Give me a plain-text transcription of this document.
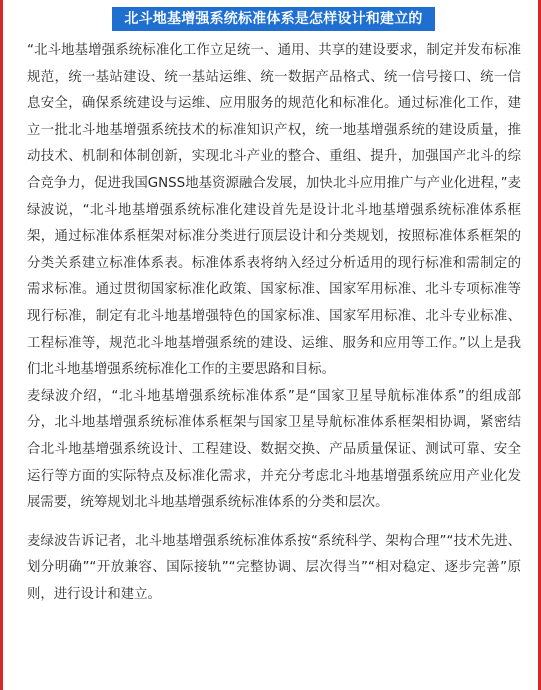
北斗地基增强系统标准体系是怎样设计和建立的

“北斗地基增强系统标准化工作立足统一、通用、共享的建设要求，制定并发布标准规范，统一基站建设、统一基站运维、统一数据产品格式、统一信号接口、统一信息安全，确保系统建设与运维、应用服务的规范化和标准化。通过标准化工作，建立一批北斗地基增强系统技术的标准知识产权，统一地基增强系统的建设质量，推动技术、机制和体制创新，实现北斗产业的整合、重组、提升，加强国产北斗的综合竞争力，促进我国GNSS地基资源融合发展，加快北斗应用推广与产业化进程，”麦绿波说，“北斗地基增强系统标准化建设首先是设计北斗地基增强系统标准体系框架，通过标准体系框架对标准分类进行顶层设计和分类规划，按照标准体系框架的分类关系建立标准体系表。标准体系表将纳入经过分析适用的现行标准和需制定的需求标准。通过贯彻国家标准化政策、国家标准、国家军用标准、北斗专项标准等现行标准，制定有北斗地基增强特色的国家标准、国家军用标准、北斗专业标准、工程标准等，规范北斗地基增强系统的建设、运维、服务和应用等工作。”以上是我们北斗地基增强系统标准化工作的主要思路和目标。

麦绿波介绍，“北斗地基增强系统标准体系”是“国家卫星导航标准体系”的组成部分，北斗地基增强系统标准体系框架与国家卫星导航标准体系框架相协调，紧密结合北斗地基增强系统设计、工程建设、数据交换、产品质量保证、测试可靠、安全运行等方面的实际特点及标准化需求，并充分考虑北斗地基增强系统应用产业化发展需要，统筹规划北斗地基增强系统标准体系的分类和层次。

麦绿波告诉记者，北斗地基增强系统标准体系按“系统科学、架构合理”“技术先进、划分明确”“开放兼容、国际接轨”“完整协调、层次得当”“相对稳定、逐步完善”原则，进行设计和建立。
